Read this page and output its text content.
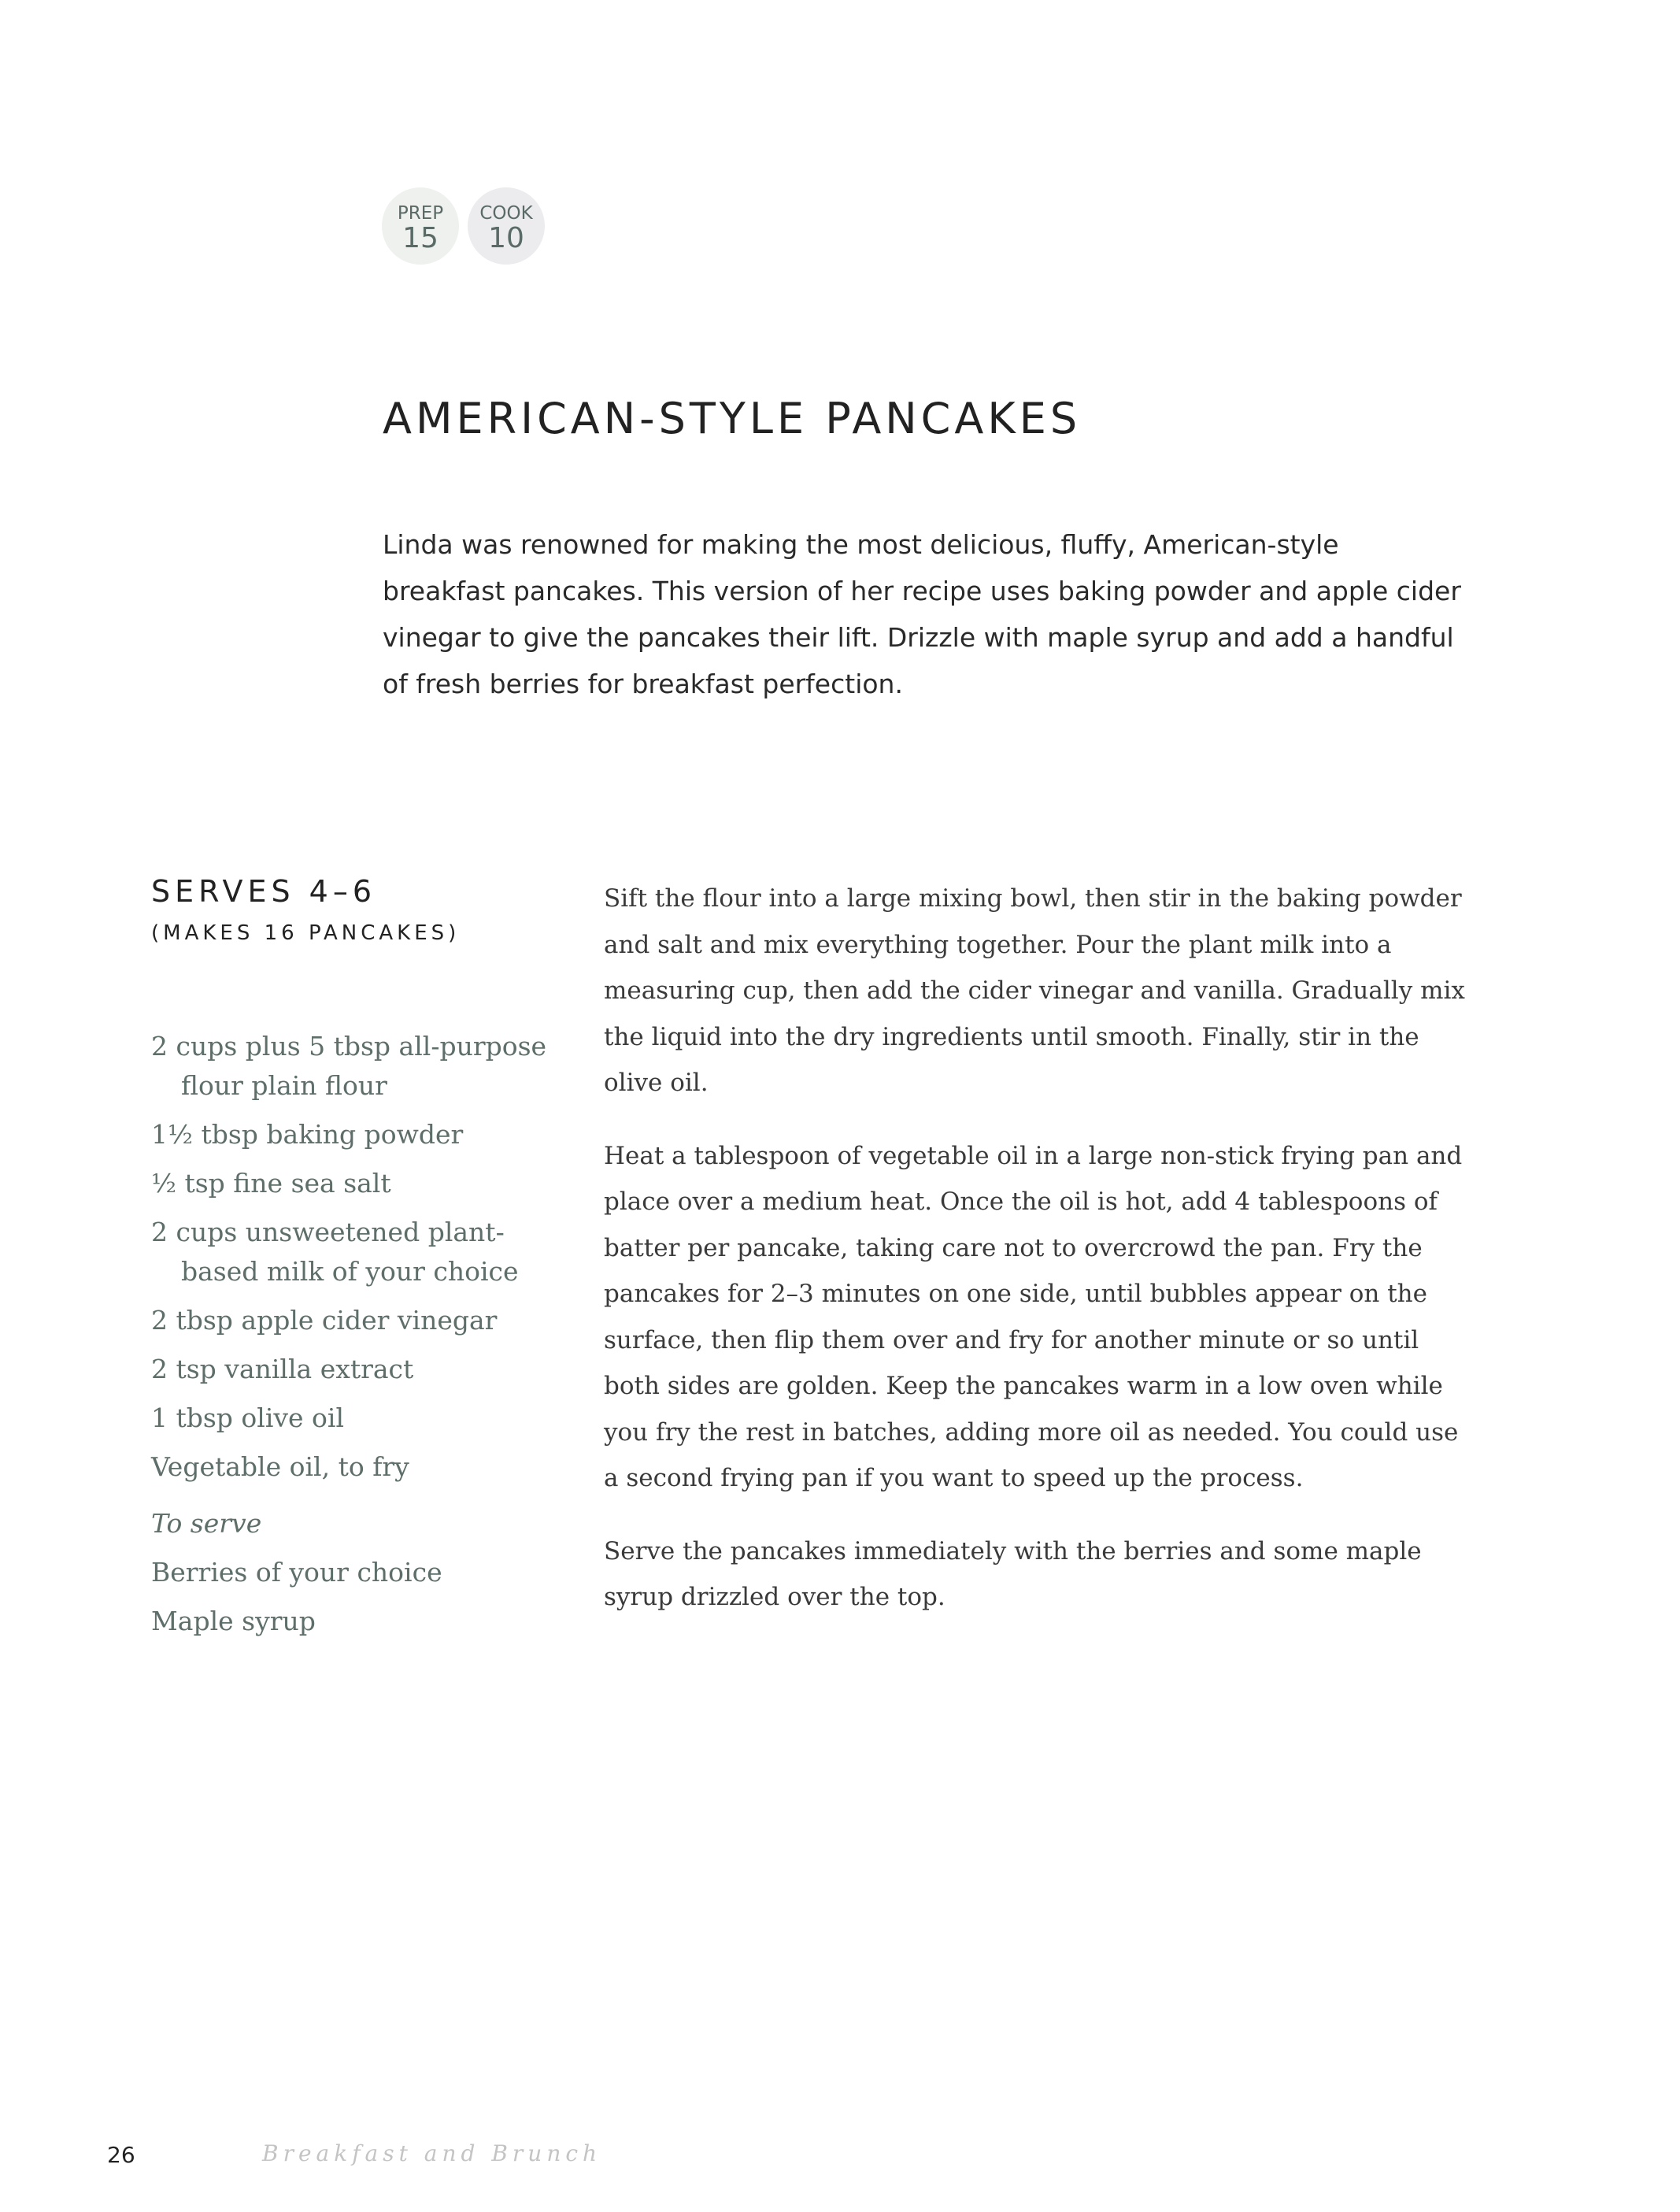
PREP
15
COOK
10
AMERICAN-STYLE PANCAKES

Linda was renowned for making the most delicious, fluffy, American-style breakfast pancakes. This version of her recipe uses baking powder and apple cider vinegar to give the pancakes their lift. Drizzle with maple syrup and add a handful of fresh berries for breakfast perfection.

SERVES 4–6
(MAKES 16 PANCAKES)
2 cups plus 5 tbsp all-purpose flour plain flour
1½ tbsp baking powder
½ tsp fine sea salt
2 cups unsweetened plant-based milk of your choice
2 tbsp apple cider vinegar
2 tsp vanilla extract
1 tbsp olive oil
Vegetable oil, to fry
To serve
Berries of your choice
Maple syrup

Sift the flour into a large mixing bowl, then stir in the baking powder and salt and mix everything together. Pour the plant milk into a measuring cup, then add the cider vinegar and vanilla. Gradually mix the liquid into the dry ingredients until smooth. Finally, stir in the olive oil.

Heat a tablespoon of vegetable oil in a large non-stick frying pan and place over a medium heat. Once the oil is hot, add 4 tablespoons of batter per pancake, taking care not to overcrowd the pan. Fry the pancakes for 2–3 minutes on one side, until bubbles appear on the surface, then flip them over and fry for another minute or so until both sides are golden. Keep the pancakes warm in a low oven while you fry the rest in batches, adding more oil as needed. You could use a second frying pan if you want to speed up the process.

Serve the pancakes immediately with the berries and some maple syrup drizzled over the top.

26	Breakfast and Brunch
